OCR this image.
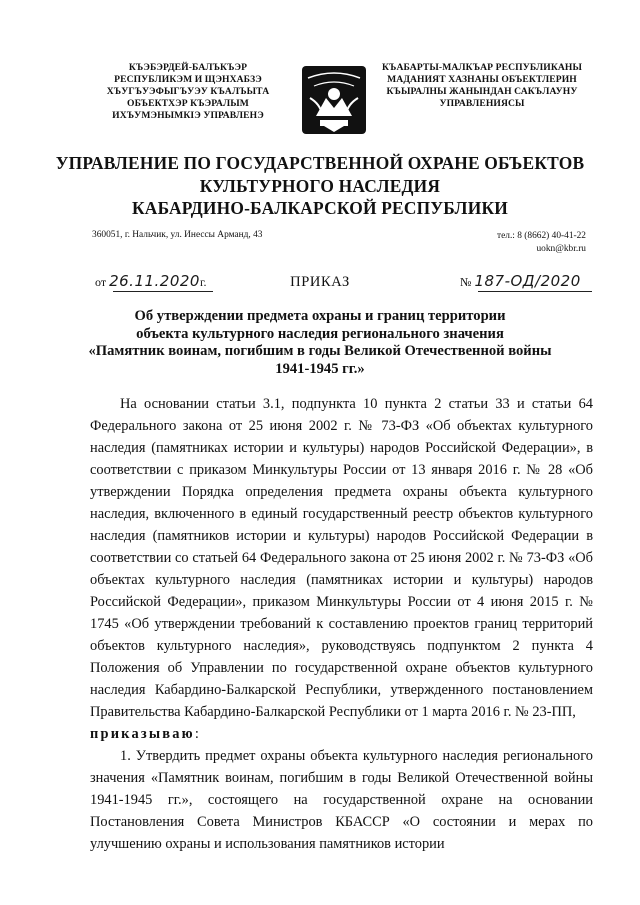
КЪЭБЭРДЕЙ-БАЛЪКЪЭР
РЕСПУБЛИКЭМ И ЩЭНХАБЗЭ
ХЪУГЪУЭФЫГЪУЭУ КЪАЛЪЫТА
ОБЪЕКТХЭР КЪЭРАЛЫМ
ИХЪУМЭНЫМКIЭ УПРАВЛЕНЭ
КЪАБАРТЫ-МАЛКЪАР РЕСПУБЛИКАНЫ
МАДАНИЯТ ХАЗНАНЫ ОБЪЕКТЛЕРИН
КЪЫРАЛНЫ ЖАНЫНДАН САКЪЛАУНУ
УПРАВЛЕНИЯСЫ
УПРАВЛЕНИЕ ПО ГОСУДАРСТВЕННОЙ ОХРАНЕ ОБЪЕКТОВ
КУЛЬТУРНОГО НАСЛЕДИЯ
КАБАРДИНО-БАЛКАРСКОЙ РЕСПУБЛИКИ
360051, г. Нальчик, ул. Инессы Арманд, 43	тел.: 8 (8662) 40-41-22
uokn@kbr.ru
от 26.11.2020г.	ПРИКАЗ	№ 187-ОД/2020
Об утверждении предмета охраны и границ территории
объекта культурного наследия регионального значения
«Памятник воинам, погибшим в годы Великой Отечественной войны
1941-1945 гг.»

На основании статьи 3.1, подпункта 10 пункта 2 статьи 33 и статьи 64 Федерального закона от 25 июня 2002 г. № 73-ФЗ «Об объектах культурного наследия (памятниках истории и культуры) народов Российской Федерации», в соответствии с приказом Минкультуры России от 13 января 2016 г. № 28 «Об утверждении Порядка определения предмета охраны объекта культурного наследия, включенного в единый государственный реестр объектов культурного наследия (памятников истории и культуры) народов Российской Федерации в соответствии со статьей 64 Федерального закона от 25 июня 2002 г. № 73-ФЗ «Об объектах культурного наследия (памятниках истории и культуры) народов Российской Федерации», приказом Минкультуры России от 4 июня 2015 г. № 1745 «Об утверждении требований к составлению проектов границ территорий объектов культурного наследия», руководствуясь подпунктом 2 пункта 4 Положения об Управлении по государственной охране объектов культурного наследия Кабардино-Балкарской Республики, утвержденного постановлением Правительства Кабардино-Балкарской Республики от 1 марта 2016 г. № 23-ПП,

приказываю:

1. Утвердить предмет охраны объекта культурного наследия регионального значения «Памятник воинам, погибшим в годы Великой Отечественной войны 1941-1945 гг.», состоящего на государственной охране на основании Постановления Совета Министров КБАССР «О состоянии и мерах по улучшению охраны и использования памятников истории
